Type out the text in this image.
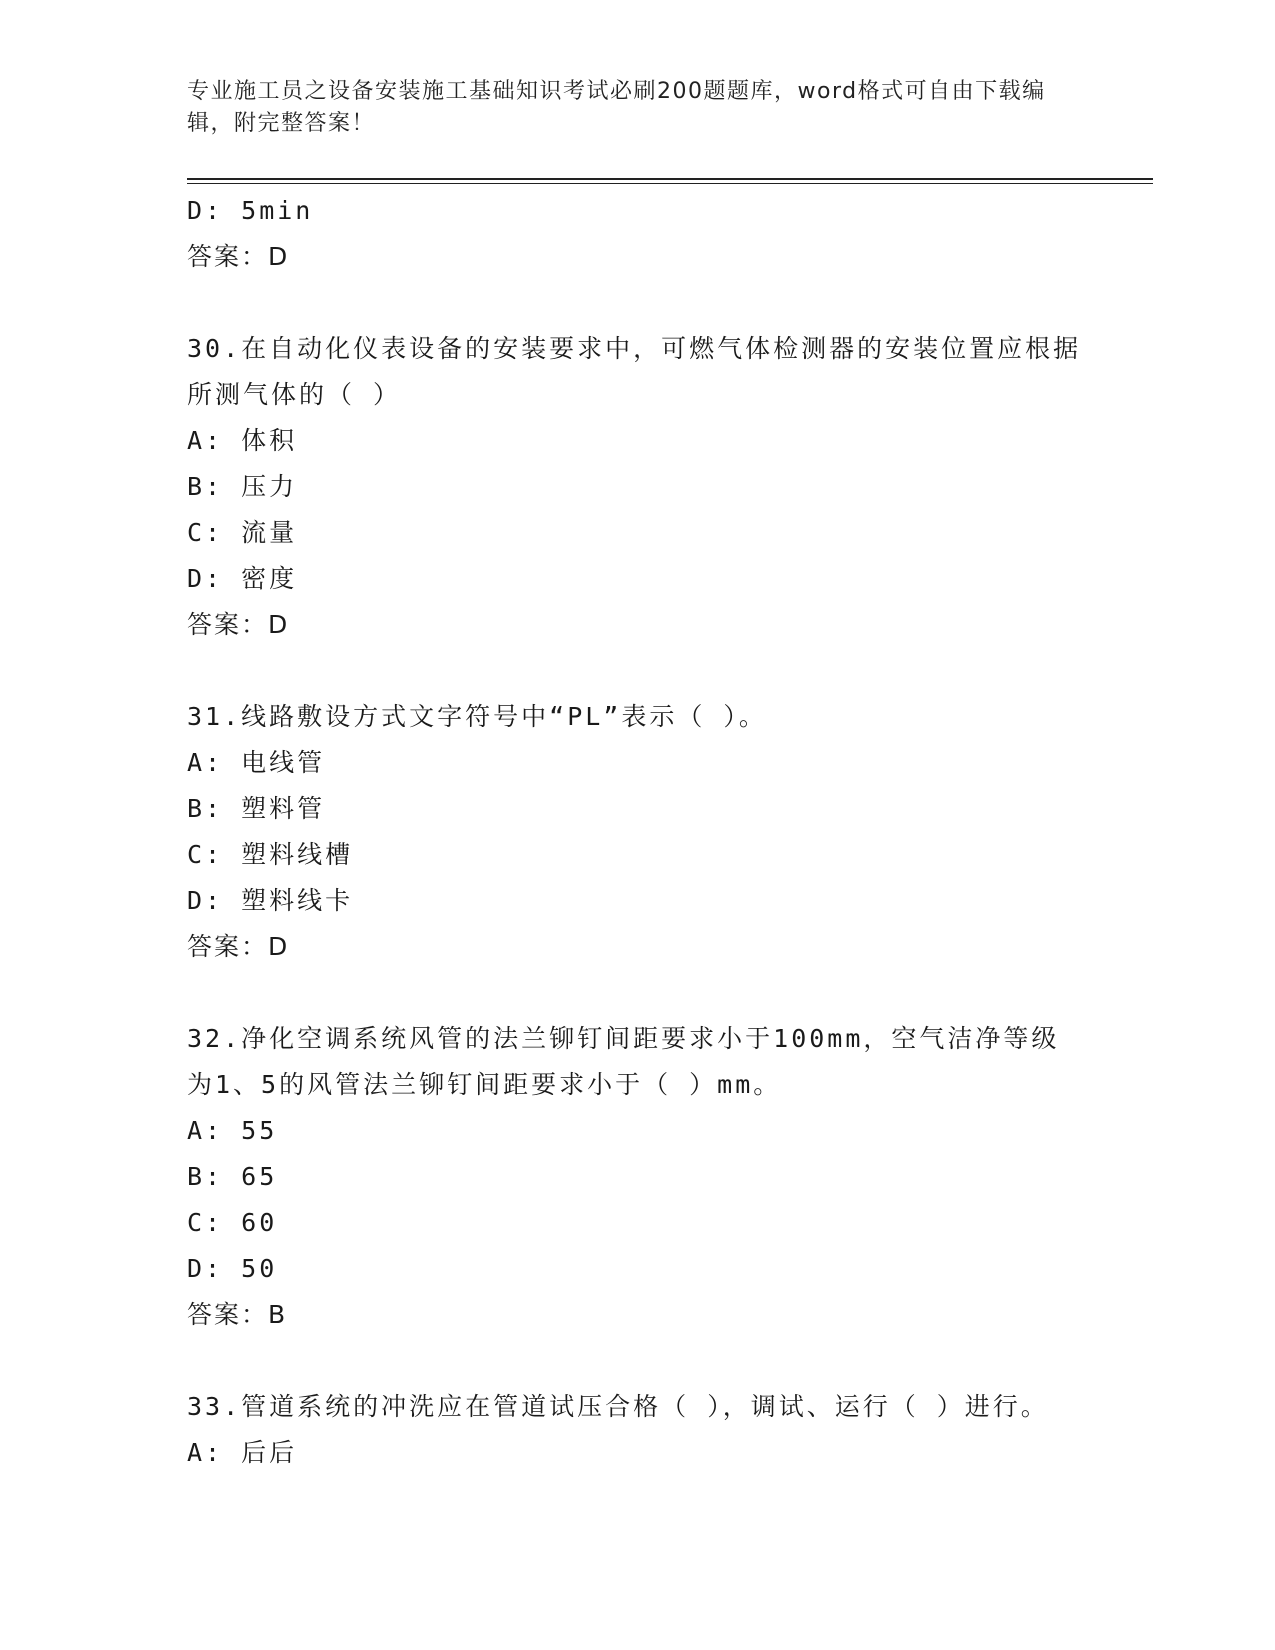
专业施工员之设备安装施工基础知识考试必刷200题题库，word格式可自由下载编辑，附完整答案！
D: 5min
答案：D
30.在自动化仪表设备的安装要求中，可燃气体检测器的安装位置应根据所测气体的（ ）
A: 体积
B: 压力
C: 流量
D: 密度
答案：D
31.线路敷设方式文字符号中“PL”表示（ ）。
A: 电线管
B: 塑料管
C: 塑料线槽
D: 塑料线卡
答案：D
32.净化空调系统风管的法兰铆钉间距要求小于100mm，空气洁净等级为1、5的风管法兰铆钉间距要求小于（ ）mm。
A: 55
B: 65
C: 60
D: 50
答案：B
33.管道系统的冲洗应在管道试压合格（ ），调试、运行（ ）进行。
A: 后后
